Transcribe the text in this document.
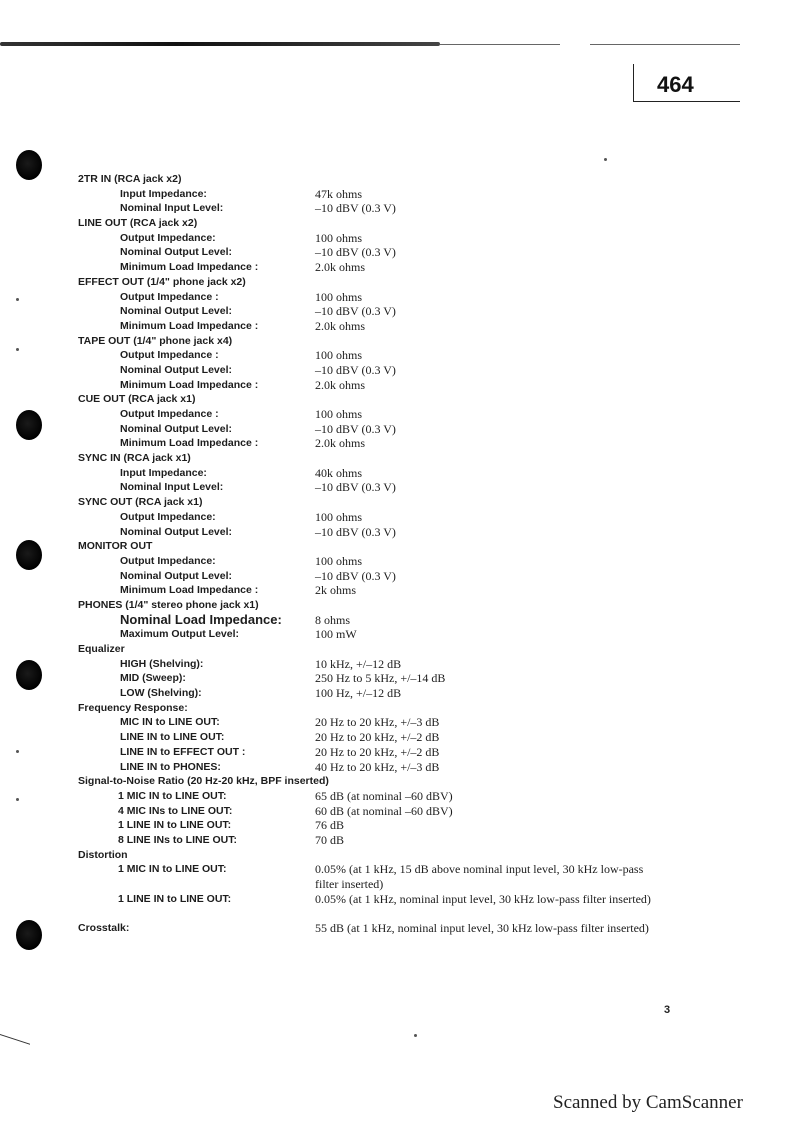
464
2TR IN (RCA jack x2)
Input Impedance:	47k ohms
Nominal Input Level:	–10 dBV (0.3 V)
LINE OUT (RCA jack x2)
Output Impedance:	100 ohms
Nominal Output Level:	–10 dBV (0.3 V)
Minimum Load Impedance :	2.0k ohms
EFFECT OUT (1/4" phone jack x2)
Output Impedance :	100 ohms
Nominal Output Level:	–10 dBV (0.3 V)
Minimum Load Impedance :	2.0k ohms
TAPE OUT (1/4" phone jack x4)
Output Impedance :	100 ohms
Nominal Output Level:	–10 dBV (0.3 V)
Minimum Load Impedance :	2.0k ohms
CUE OUT (RCA jack x1)
Output Impedance :	100 ohms
Nominal Output Level:	–10 dBV (0.3 V)
Minimum Load Impedance :	2.0k ohms
SYNC IN (RCA jack x1)
Input Impedance:	40k ohms
Nominal Input Level:	–10 dBV (0.3 V)
SYNC OUT (RCA jack x1)
Output Impedance:	100 ohms
Nominal Output Level:	–10 dBV (0.3 V)
MONITOR OUT
Output Impedance:	100 ohms
Nominal Output Level:	–10 dBV (0.3 V)
Minimum Load Impedance :	2k ohms
PHONES (1/4" stereo phone jack x1)
Nominal Load Impedance:	8 ohms
Maximum Output Level:	100 mW
Equalizer
HIGH (Shelving):	10 kHz, +/–12 dB
MID (Sweep):	250 Hz to 5 kHz, +/–14 dB
LOW (Shelving):	100 Hz, +/–12 dB
Frequency Response:
MIC IN to LINE OUT:	20 Hz to 20 kHz, +/–3 dB
LINE IN to LINE OUT:	20 Hz to 20 kHz, +/–2 dB
LINE IN to EFFECT OUT :	20 Hz to 20 kHz, +/–2 dB
LINE IN to PHONES:	40 Hz to 20 kHz, +/–3 dB
Signal-to-Noise Ratio (20 Hz-20 kHz, BPF inserted)
1 MIC IN to LINE OUT:	65 dB (at nominal –60 dBV)
4 MIC INs to LINE OUT:	60 dB (at nominal –60 dBV)
1 LINE IN to LINE OUT:	76 dB
8 LINE INs to LINE OUT:	70 dB
Distortion
1 MIC IN to LINE OUT:	0.05% (at 1 kHz, 15 dB above nominal input level, 30 kHz low-pass filter inserted)
1 LINE IN to LINE OUT:	0.05% (at 1 kHz, nominal input level, 30 kHz low-pass filter inserted)
Crosstalk:	55 dB (at 1 kHz, nominal input level, 30 kHz low-pass filter inserted)
3
Scanned by CamScanner
